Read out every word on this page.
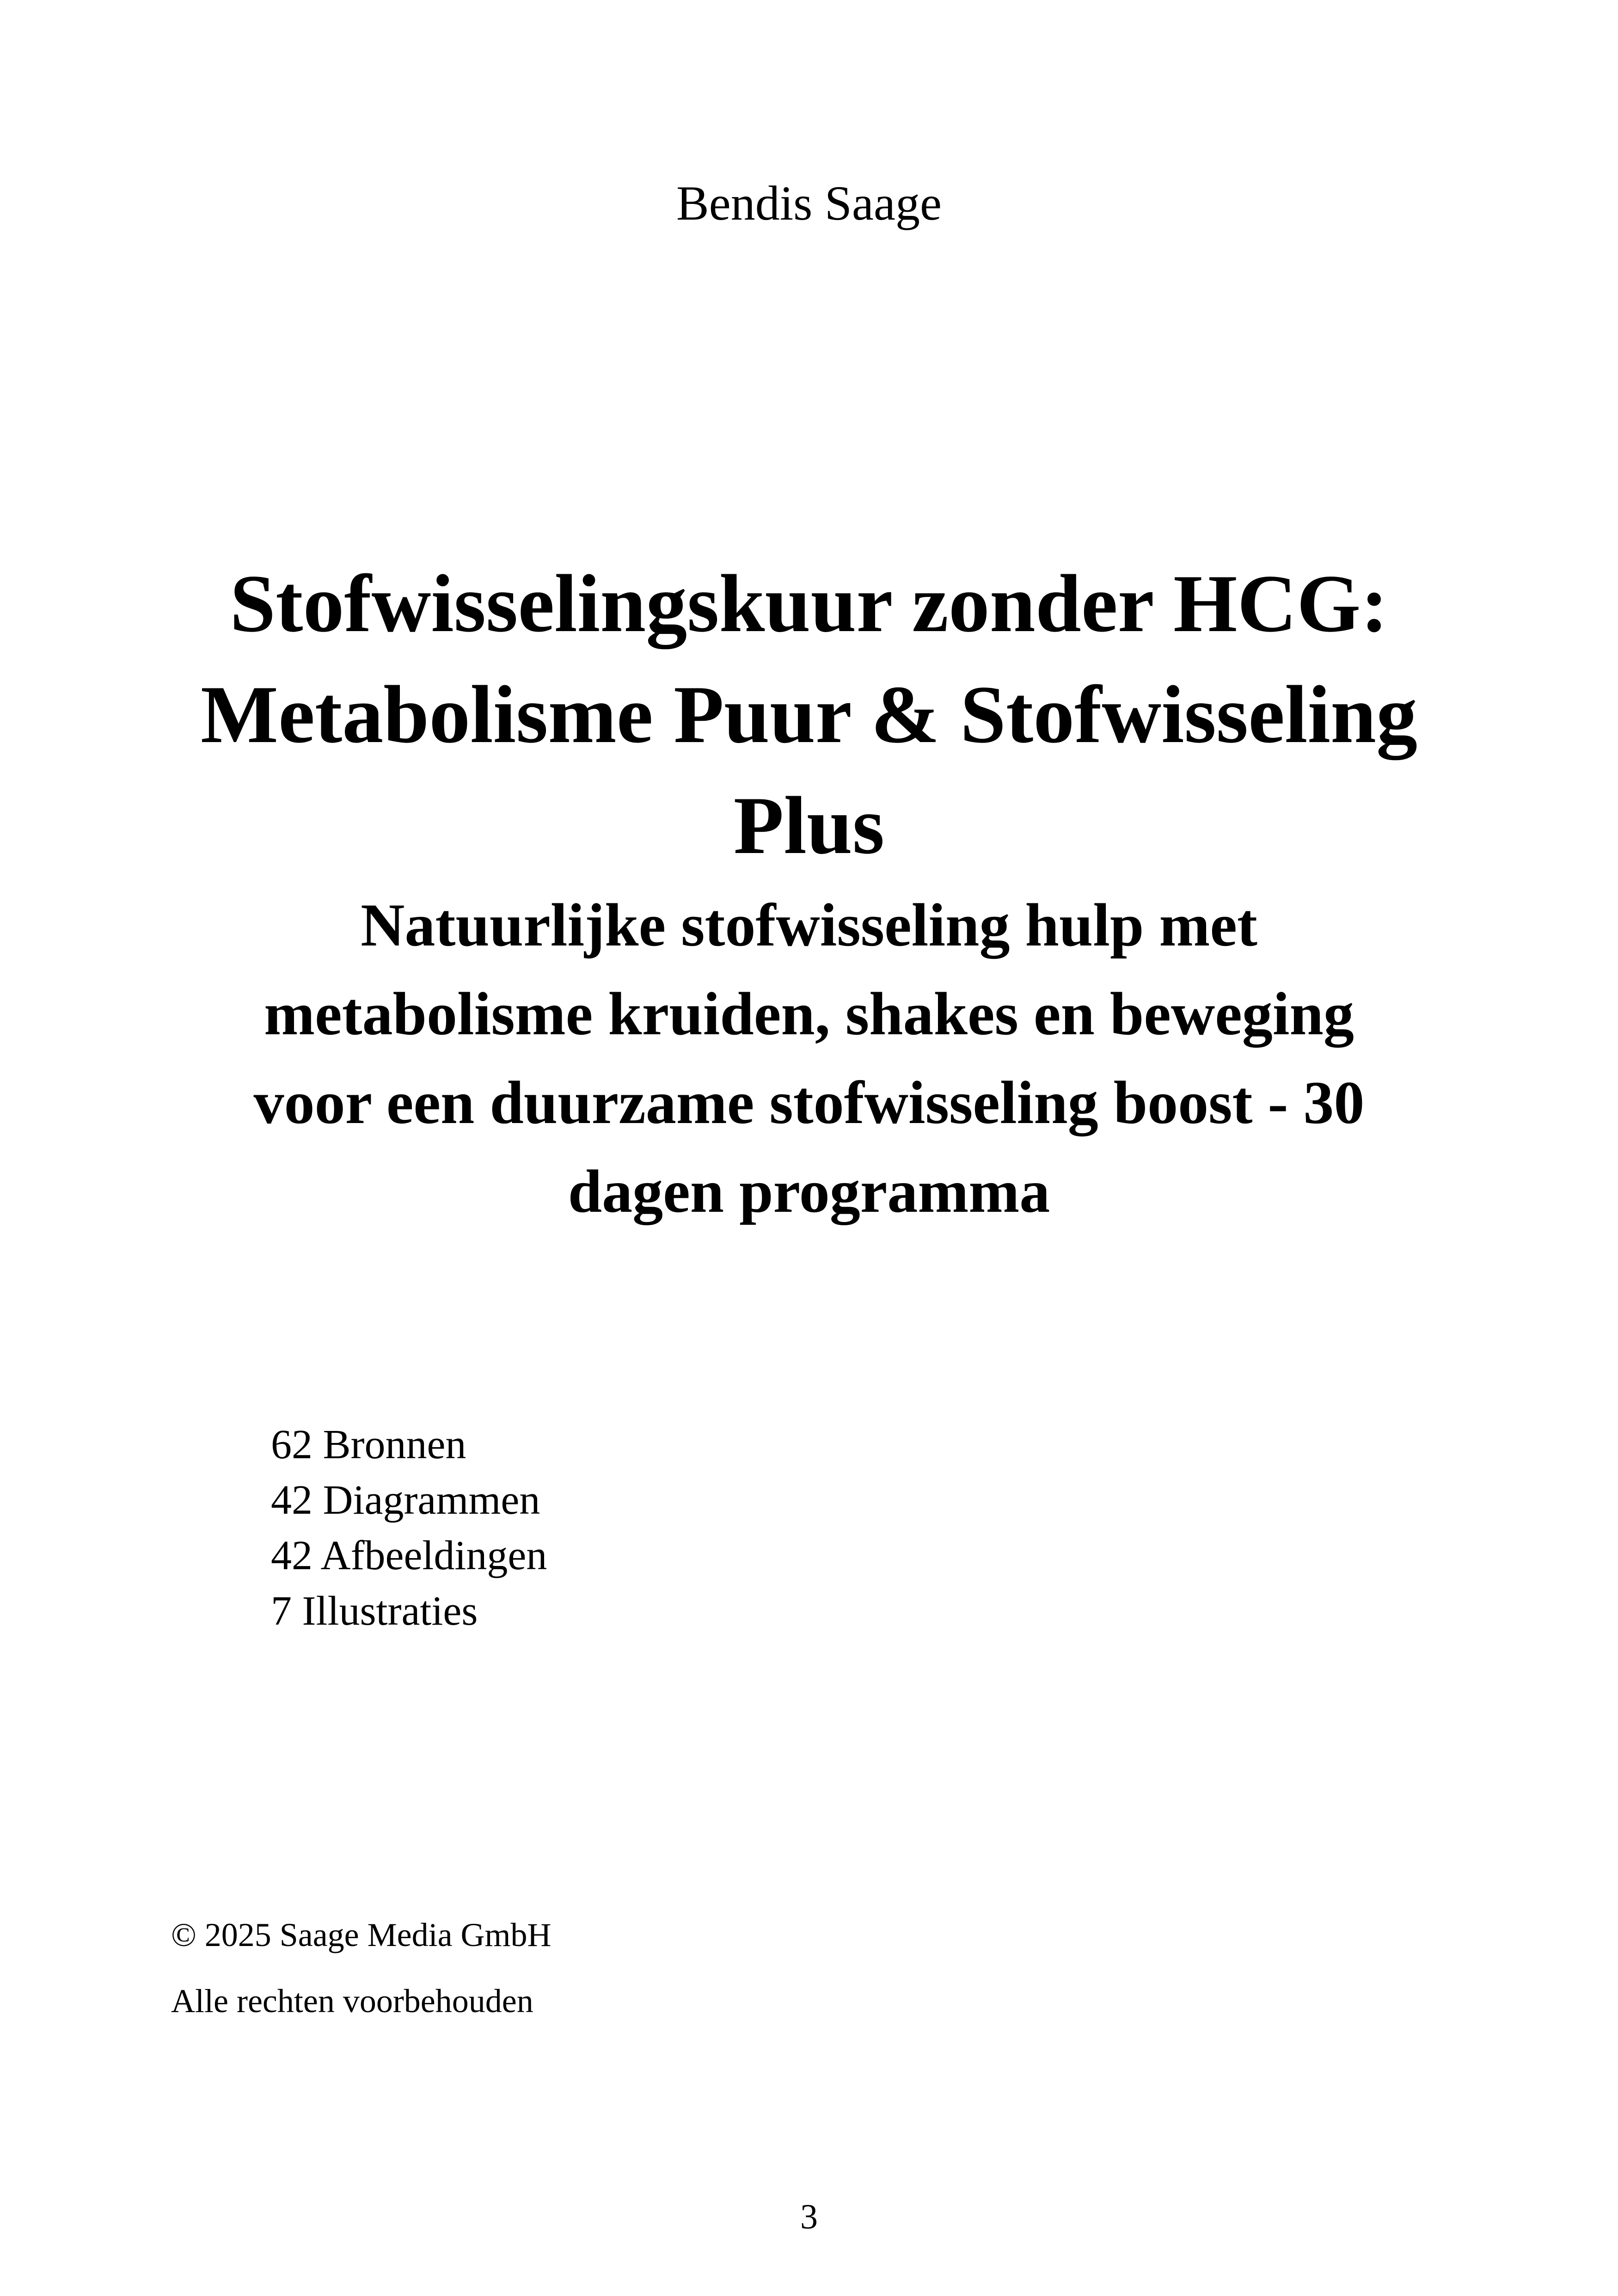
Bendis Saage
Stofwisselingskuur zonder HCG: Metabolisme Puur & Stofwisseling Plus
Natuurlijke stofwisseling hulp met metabolisme kruiden, shakes en beweging voor een duurzame stofwisseling boost - 30 dagen programma
62 Bronnen
42 Diagrammen
42 Afbeeldingen
7 Illustraties
© 2025 Saage Media GmbH
Alle rechten voorbehouden
3
